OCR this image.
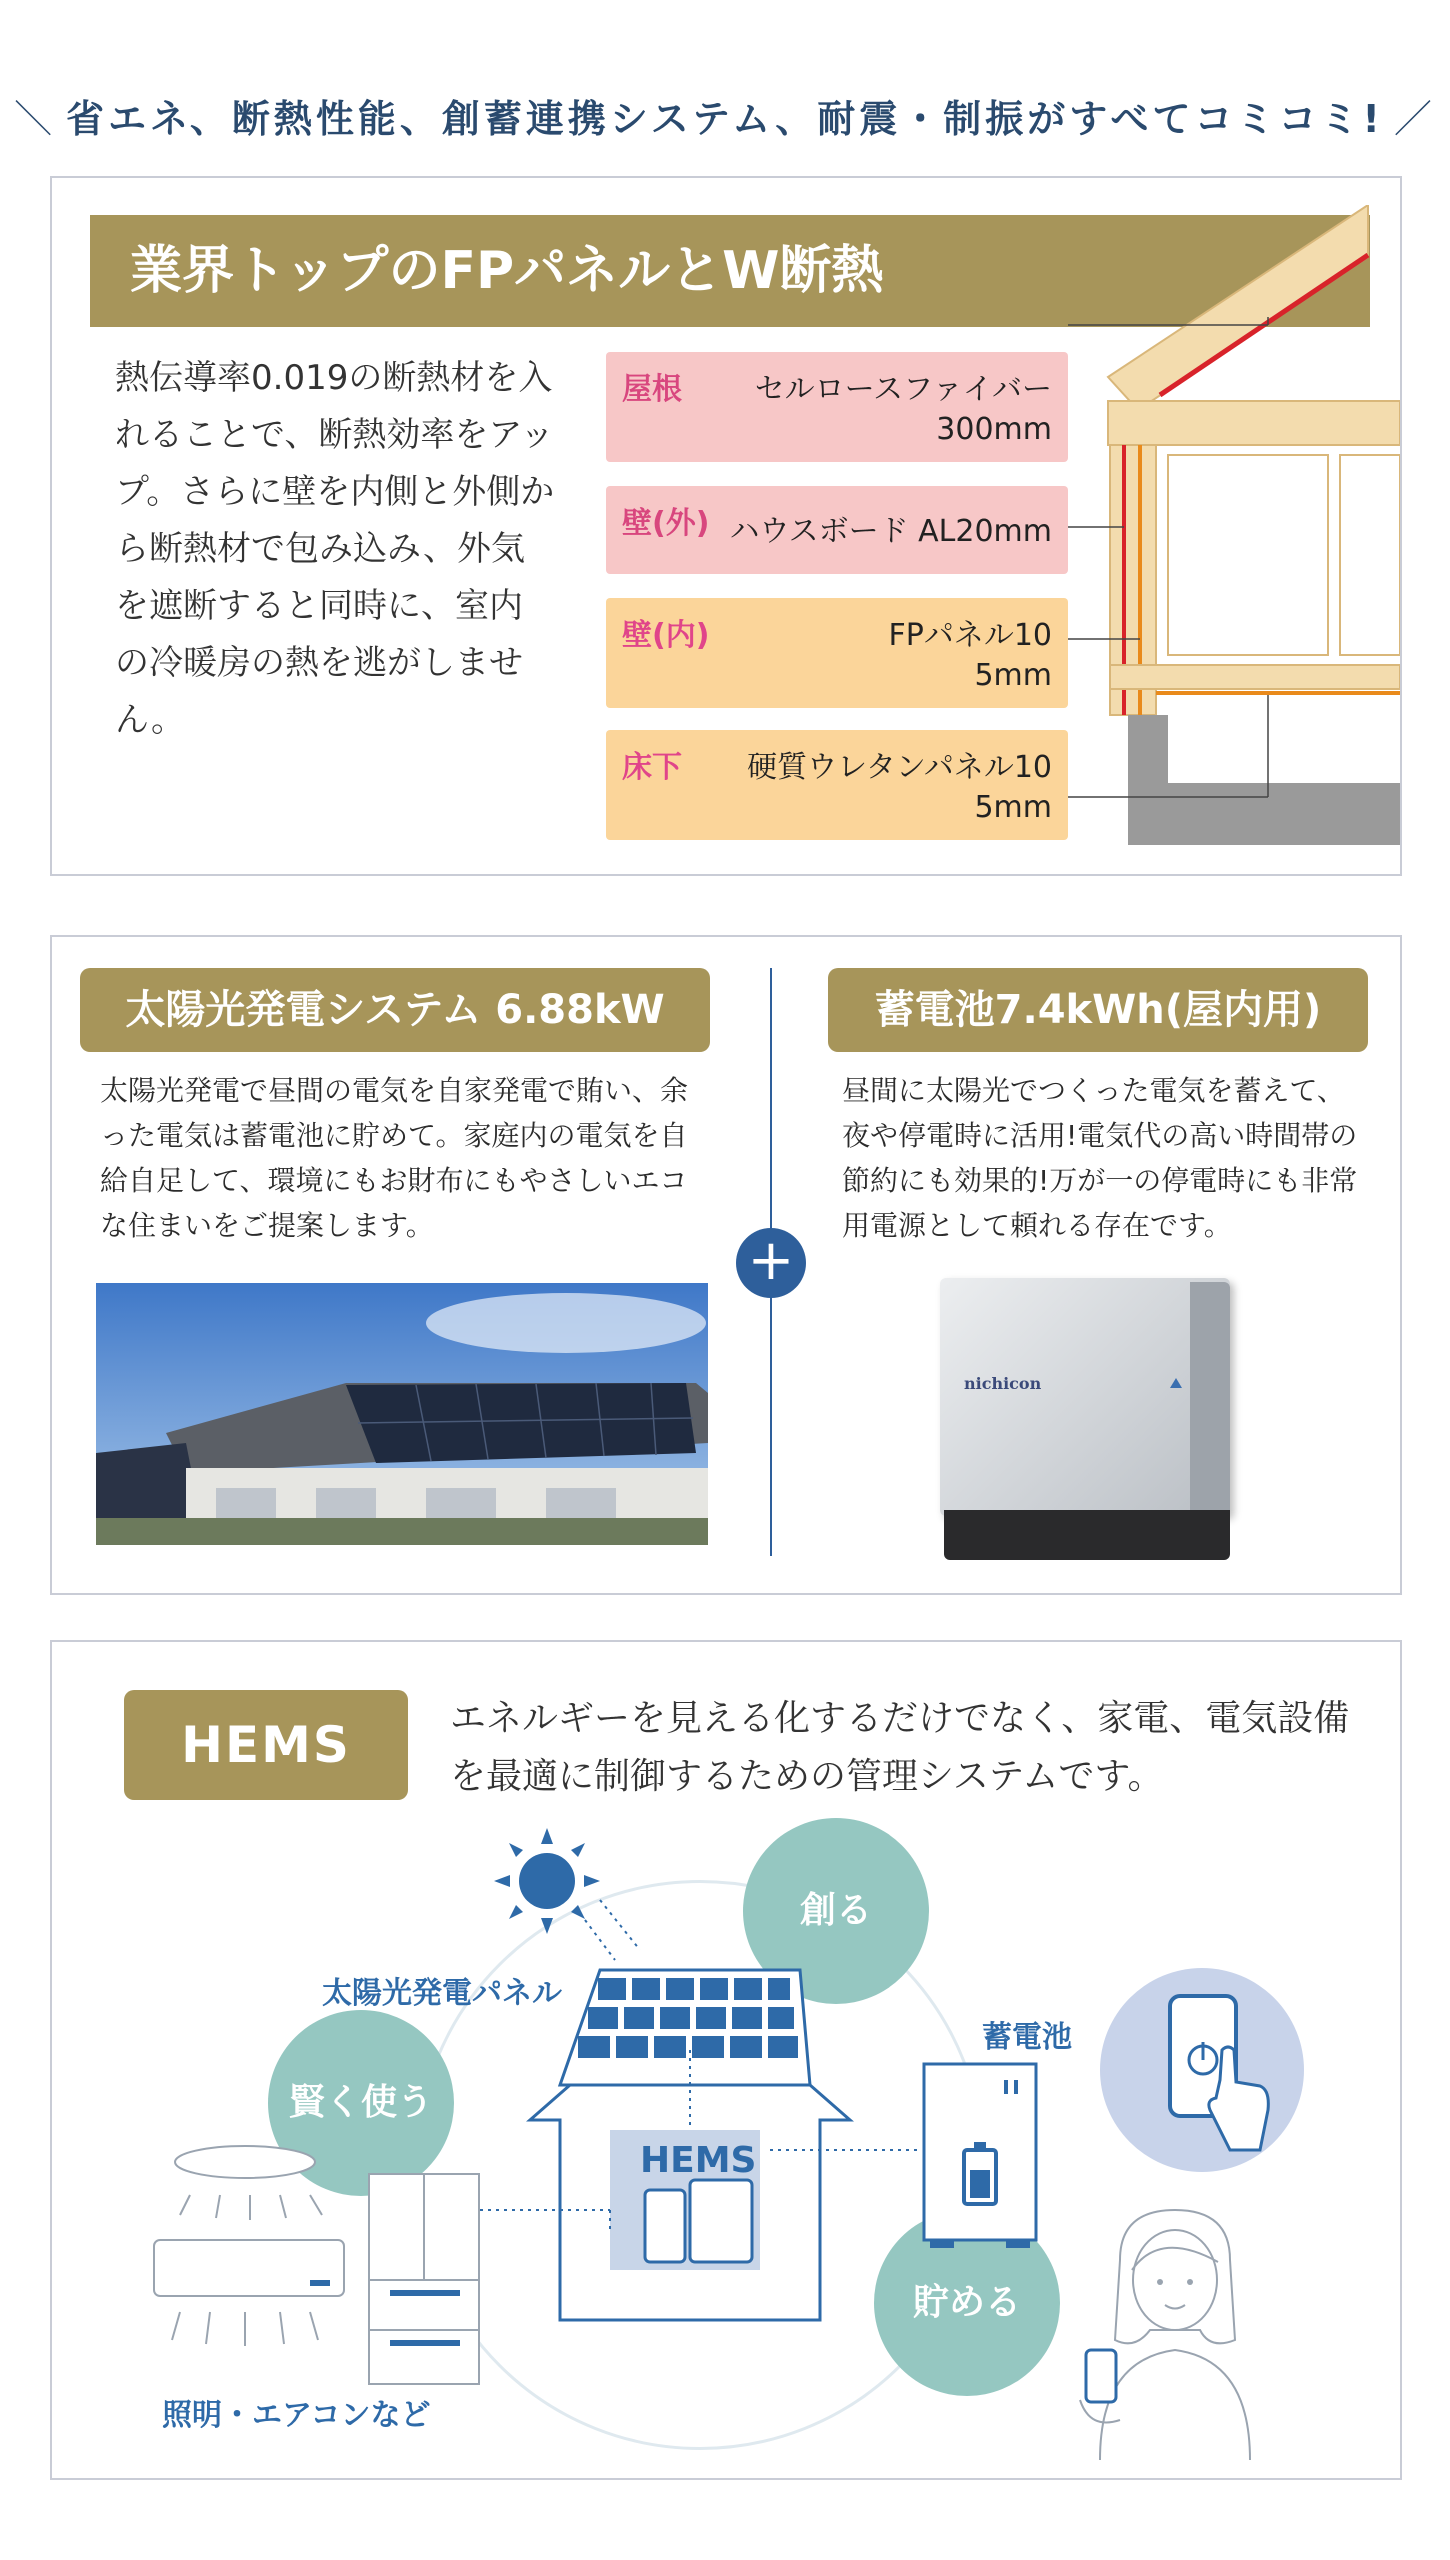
＼ 省エネ、断熱性能、創蓄連携システム、耐震・制振がすべてコミコミ! ／
業界トップのFPパネルとW断熱
熱伝導率0.019の断熱材を入れることで、断熱効率をアップ。さらに壁を内側と外側から断熱材で包み込み、外気を遮断すると同時に、室内の冷暖房の熱を逃がしません。
屋根	セルロースファイバー
300mm
壁(外) ハウスボード AL20mm
壁(内)	FPパネル10
5mm
床下	硬質ウレタンパネル10
5mm
太陽光発電システム 6.88kW
太陽光発電で昼間の電気を自家発電で賄い、余った電気は蓄電池に貯めて。家庭内の電気を自給自足して、環境にもお財布にもやさしいエコな住まいをご提案します。
+
蓄電池7.4kWh(屋内用)
昼間に太陽光でつくった電気を蓄えて、夜や停電時に活用!電気代の高い時間帯の節約にも効果的!万が一の停電時にも非常用電源として頼れる存在です。
nichicon
HEMS	エネルギーを見える化するだけでなく、家電、電気設備を最適に制御するための管理システムです。
創る
賢く使う
貯める
太陽光発電パネル
蓄電池
照明・エアコンなど
HEMS
